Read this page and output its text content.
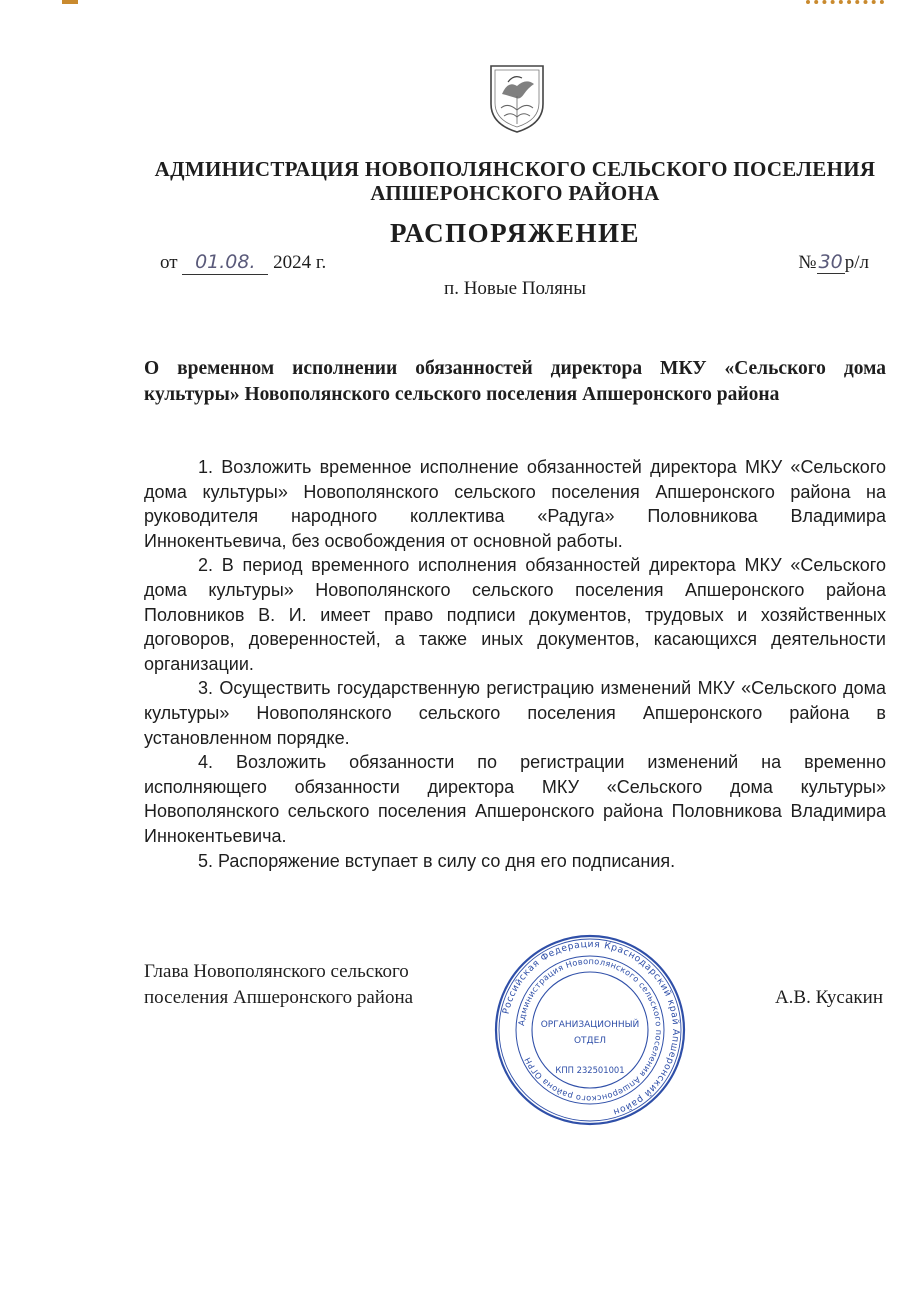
АДМИНИСТРАЦИЯ НОВОПОЛЯНСКОГО СЕЛЬСКОГО ПОСЕЛЕНИЯ
АПШЕРОНСКОГО РАЙОНА
РАСПОРЯЖЕНИЕ
от 01.08. 2024 г.	№ 30 р/л
п. Новые Поляны
О временном исполнении обязанностей директора МКУ «Сельского дома культуры» Новополянского сельского поселения Апшеронского района

1. Возложить временное исполнение обязанностей директора МКУ «Сельского дома культуры» Новополянского сельского поселения Апшеронского района на руководителя народного коллектива «Радуга» Половникова Владимира Иннокентьевича, без освобождения от основной работы.

2. В период временного исполнения обязанностей директора МКУ «Сельского дома культуры» Новополянского сельского поселения Апшеронского района Половников В. И. имеет право подписи документов, трудовых и хозяйственных договоров, доверенностей, а также иных документов, касающихся деятельности организации.

3. Осуществить государственную регистрацию изменений МКУ «Сельского дома культуры» Новополянского сельского поселения Апшеронского района в установленном порядке.

4. Возложить обязанности по регистрации изменений на временно исполняющего обязанности директора МКУ «Сельского дома культуры» Новополянского сельского поселения Апшеронского района Половникова Владимира Иннокентьевича.

5. Распоряжение вступает в силу со дня его подписания.

Глава Новополянского сельского
поселения Апшеронского района	А.В. Кусакин
Российская Федерация Краснодарский край Апшеронский район
Администрация Новополянского сельского поселения Апшеронского района ОГРН
ОРГАНИЗАЦИОННЫЙ
ОТДЕЛ
КПП 232501001
